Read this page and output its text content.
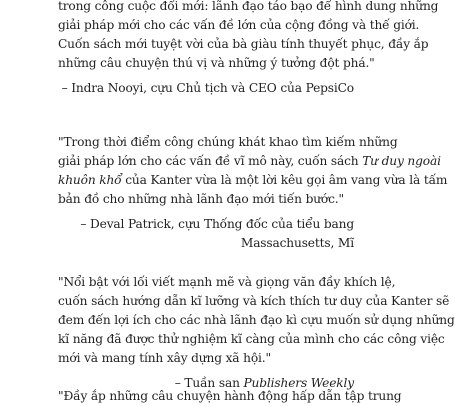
trong công cuộc đổi mới: lãnh đạo táo bạo để hình dung những
giải pháp mới cho các vấn đề lớn của cộng đồng và thế giới.
Cuốn sách mới tuyệt vời của bà giàu tính thuyết phục, đầy ắp
những câu chuyện thú vị và những ý tưởng đột phá."
– Indra Nooyi, cựu Chủ tịch và CEO của PepsiCo
"Trong thời điểm công chúng khát khao tìm kiếm những
giải pháp lớn cho các vấn đề vĩ mô này, cuốn sách Tư duy ngoài
khuôn khổ của Kanter vừa là một lời kêu gọi âm vang vừa là tấm
bản đồ cho những nhà lãnh đạo mới tiến bước."
– Deval Patrick, cựu Thống đốc của tiểu bang
Massachusetts, Mĩ
"Nổi bật với lối viết mạnh mẽ và giọng văn đầy khích lệ,
cuốn sách hướng dẫn kĩ lưỡng và kích thích tư duy của Kanter sẽ
đem đến lợi ích cho các nhà lãnh đạo kì cựu muốn sử dụng những
kĩ năng đã được thử nghiệm kĩ càng của mình cho các công việc
mới và mang tính xây dựng xã hội."
– Tuần san Publishers Weekly
"Đầy ắp những câu chuyện hành động hấp dẫn tập trung
